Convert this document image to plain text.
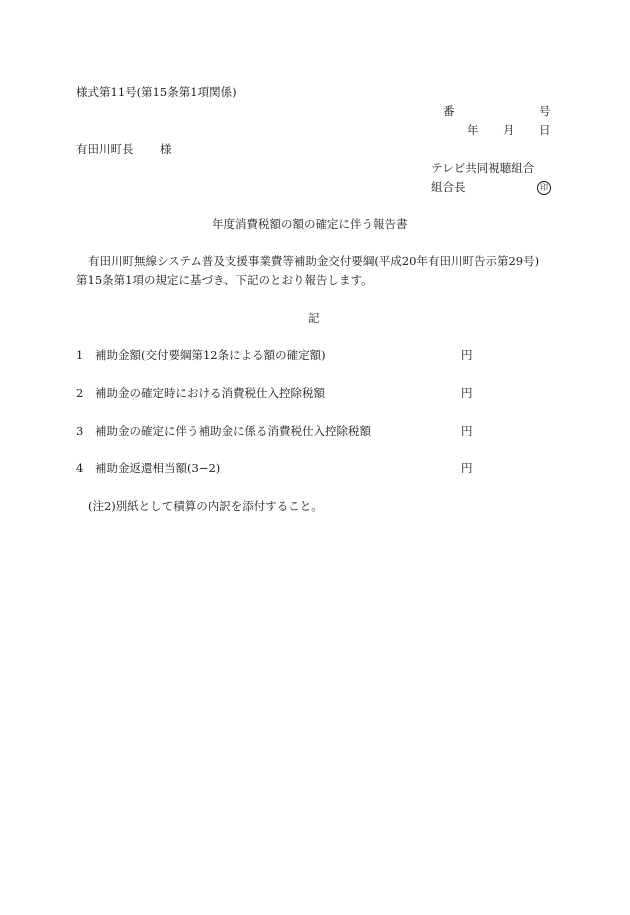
様式第11号(第15条第1項関係)
番	号
年 月 日
有田川町長 様
テレビ共同視聴組合
組合長	印
年度消費税額の額の確定に伴う報告書
有田川町無線システム普及支援事業費等補助金交付要綱(平成20年有田川町告示第29号)
第15条第1項の規定に基づき、下記のとおり報告します。
記
1 補助金額(交付要綱第12条による額の確定額)	円
2 補助金の確定時における消費税仕入控除税額	円
3 補助金の確定に伴う補助金に係る消費税仕入控除税額	円
4 補助金返還相当額(3−2)	円
(注2)別紙として積算の内訳を添付すること。
